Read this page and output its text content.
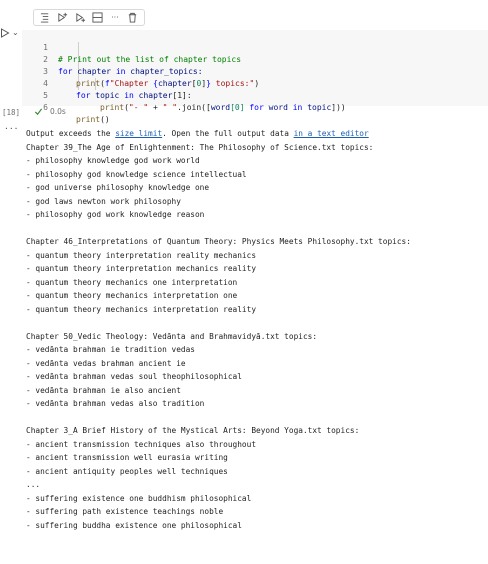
···
⌄

1

# Print out the list of chapter topics

2

for chapter in chapter_topics:

3

print(f"Chapter {chapter[0]} topics:")

4

for topic in chapter[1]:

5

print("- " + " ".join([word[0] for word in topic]))

6

print()

[18]	0.0s
···
Output exceeds the size limit. Open the full output data in a text editor
Chapter 39_The Age of Enlightenment: The Philosophy of Science.txt topics:
- philosophy knowledge god work world
- philosophy god knowledge science intellectual
- god universe philosophy knowledge one
- god laws newton work philosophy
- philosophy god work knowledge reason
Chapter 46_Interpretations of Quantum Theory: Physics Meets Philosophy.txt topics:
- quantum theory interpretation reality mechanics
- quantum theory interpretation mechanics reality
- quantum theory mechanics one interpretation
- quantum theory mechanics interpretation one
- quantum theory mechanics interpretation reality
Chapter 50_Vedic Theology: Vedānta and Brahmavidyā.txt topics:
- vedānta brahman ie tradition vedas
- vedānta vedas brahman ancient ie
- vedānta brahman vedas soul theophilosophical
- vedānta brahman ie also ancient
- vedānta brahman vedas also tradition
Chapter 3_A Brief History of the Mystical Arts: Beyond Yoga.txt topics:
- ancient transmission techniques also throughout
- ancient transmission well eurasia writing
- ancient antiquity peoples well techniques
...
- suffering existence one buddhism philosophical
- suffering path existence teachings noble
- suffering buddha existence one philosophical
